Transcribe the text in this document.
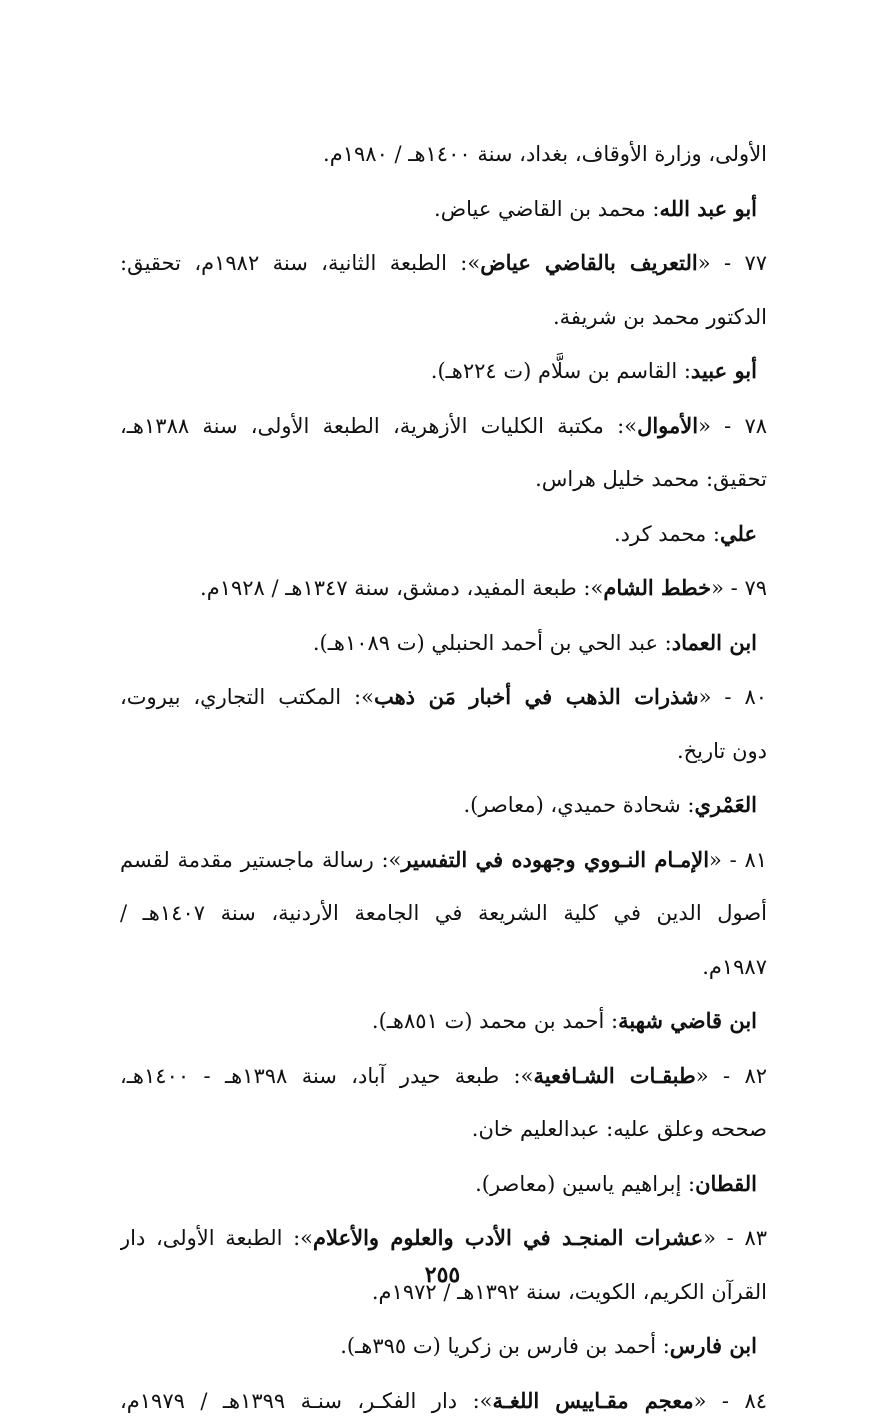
الأولى، وزارة الأوقاف، بغداد، سنة ١٤٠٠هـ / ١٩٨٠م.
أبو عبد الله: محمد بن القاضي عياض.
٧٧ - «التعريف بالقاضي عياض»: الطبعة الثانية، سنة ١٩٨٢م، تحقيق:
الدكتور محمد بن شريفة.
أبو عبيد: القاسم بن سلَّام (ت ٢٢٤هـ).
٧٨ - «الأموال»: مكتبة الكليات الأزهرية، الطبعة الأولى، سنة ١٣٨٨هـ،
تحقيق: محمد خليل هراس.
علي: محمد كرد.
٧٩ - «خطط الشام»: طبعة المفيد، دمشق، سنة ١٣٤٧هـ / ١٩٢٨م.
ابن العماد: عبد الحي بن أحمد الحنبلي (ت ١٠٨٩هـ).
٨٠ - «شذرات الذهب في أخبار مَن ذهب»: المكتب التجاري، بيروت،
دون تاريخ.
العَمْري: شحادة حميدي، (معاصر).
٨١ - «الإمـام النـووي وجهوده في التفسير»: رسالة ماجستير مقدمة لقسم
أصول الدين في كلية الشريعة في الجامعة الأردنية، سنة ١٤٠٧هـ /
١٩٨٧م.
ابن قاضي شهبة: أحمد بن محمد (ت ٨٥١هـ).
٨٢ - «طبقـات الشـافعية»: طبعة حيدر آباد، سنة ١٣٩٨هـ - ١٤٠٠هـ،
صححه وعلق عليه: عبدالعليم خان.
القطان: إبراهيم ياسين (معاصر).
٨٣ - «عشرات المنجـد في الأدب والعلوم والأعلام»: الطبعة الأولى، دار
القرآن الكريم، الكويت، سنة ١٣٩٢هـ / ١٩٧٢م.
ابن فارس: أحمد بن فارس بن زكريا (ت ٣٩٥هـ).
٨٤ - «معجم مقـاييس اللغـة»: دار الفكـر، سنـة ١٣٩٩هـ / ١٩٧٩م،
٢٥٥
